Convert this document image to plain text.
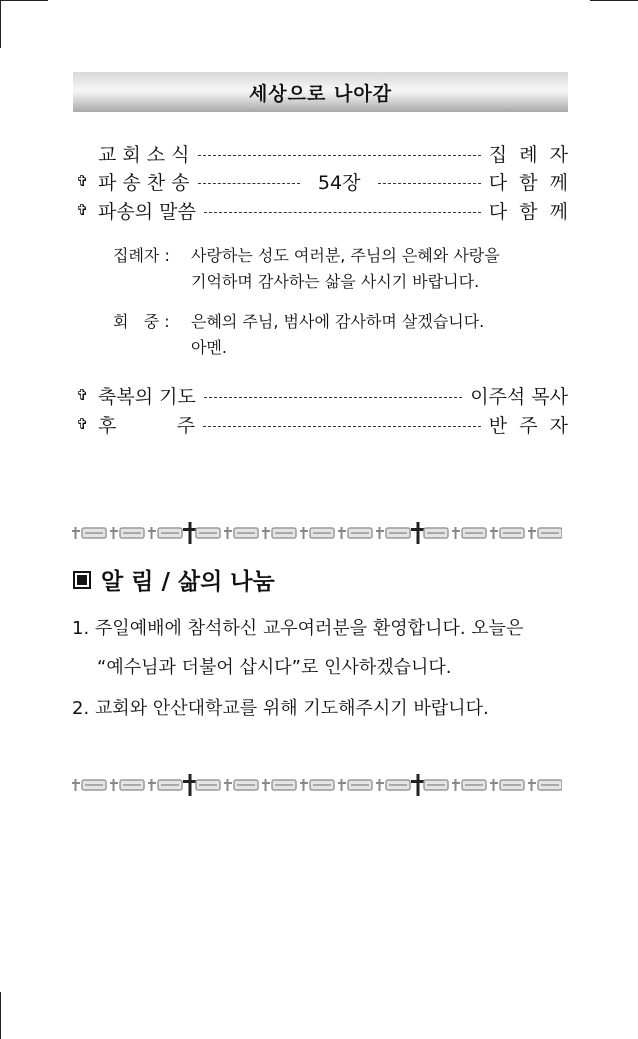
세상으로 나아감
교 회 소 식	집  례  자
✞ 파 송 찬 송	54장	다  함  께
✞ 파송의 말씀	다  함  께
집례자 : 사랑하는 성도 여러분, 주님의 은혜와 사랑을
기억하며 감사하는 삶을 사시기 바랍니다.
회   중 : 은혜의 주님, 범사에 감사하며 살겠습니다.
아멘.
✞ 축복의 기도	이주석 목사
✞ 후          주	반  주  자
알 림 / 삶의 나눔
1. 주일예배에 참석하신 교우여러분을 환영합니다. 오늘은
“예수님과 더불어 삽시다”로 인사하겠습니다.
2. 교회와 안산대학교를 위해 기도해주시기 바랍니다.
